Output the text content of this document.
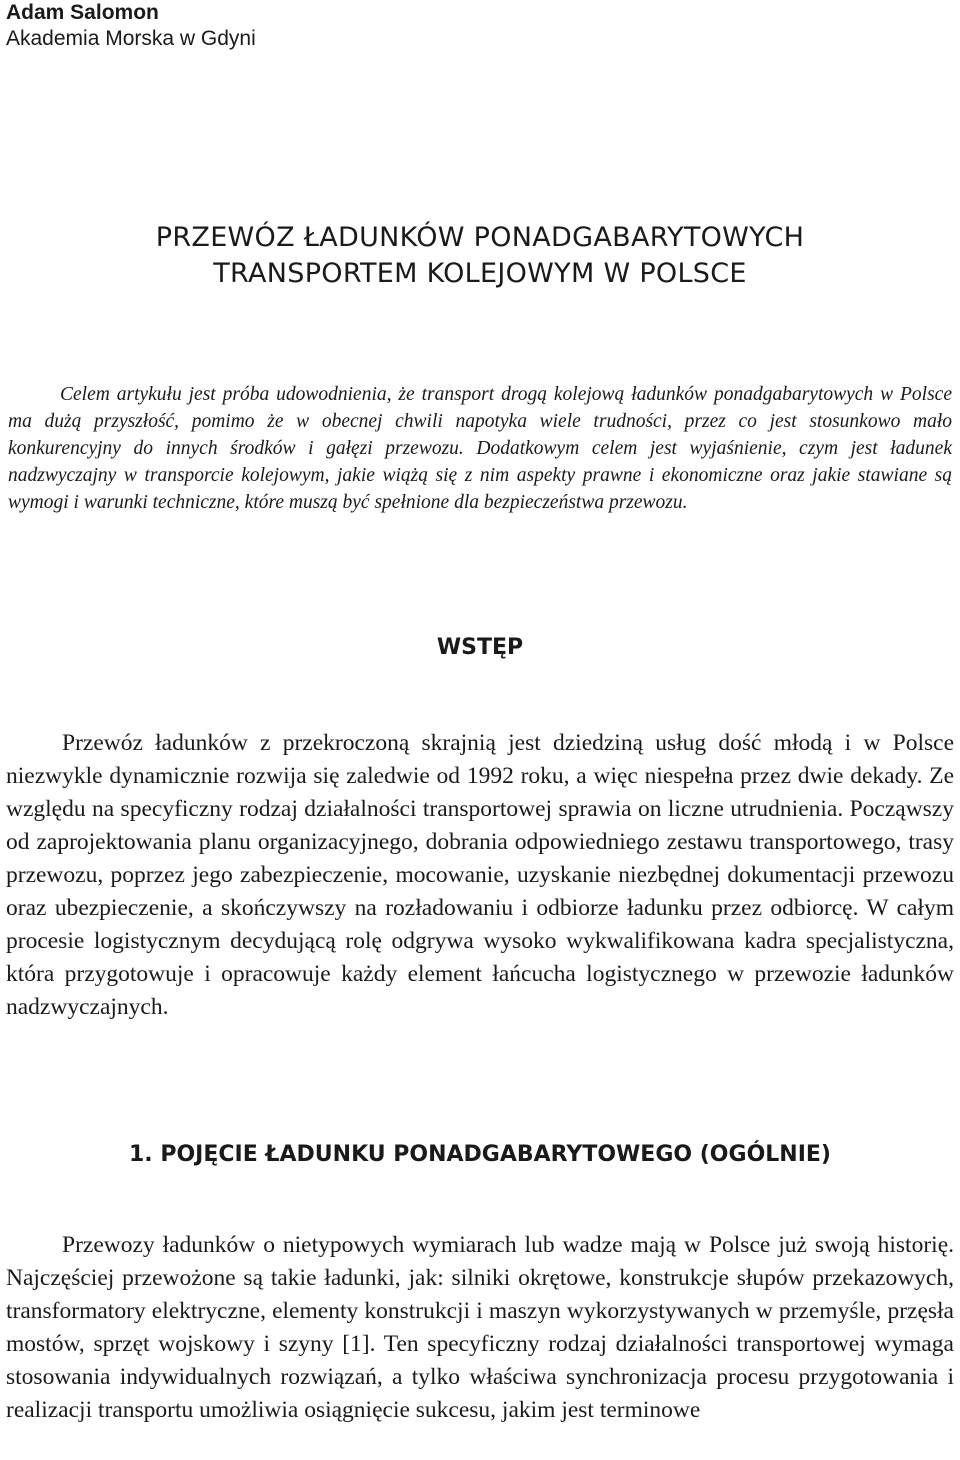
Adam Salomon
Akademia Morska w Gdyni
PRZEWÓZ ŁADUNKÓW PONADGABARYTOWYCH
TRANSPORTEM KOLEJOWYM W POLSCE

Celem artykułu jest próba udowodnienia, że transport drogą kolejową ładunków ponadgabarytowych w Polsce ma dużą przyszłość, pomimo że w obecnej chwili napotyka wiele trudności, przez co jest stosunkowo mało konkurencyjny do innych środków i gałęzi przewozu. Dodatkowym celem jest wyjaśnienie, czym jest ładunek nadzwyczajny w transporcie kolejowym, jakie wiążą się z nim aspekty prawne i ekonomiczne oraz jakie stawiane są wymogi i warunki techniczne, które muszą być spełnione dla bezpieczeństwa przewozu.

WSTĘP

Przewóz ładunków z przekroczoną skrajnią jest dziedziną usług dość młodą i w Polsce niezwykle dynamicznie rozwija się zaledwie od 1992 roku, a więc niespełna przez dwie dekady. Ze względu na specyficzny rodzaj działalności transportowej sprawia on liczne utrudnienia. Począwszy od zaprojektowania planu organizacyjnego, dobrania odpowiedniego zestawu transportowego, trasy przewozu, poprzez jego zabezpieczenie, mocowanie, uzyskanie niezbędnej dokumentacji przewozu oraz ubezpieczenie, a skończywszy na rozładowaniu i odbiorze ładunku przez odbiorcę. W całym procesie logistycznym decydującą rolę odgrywa wysoko wykwalifikowana kadra specjalistyczna, która przygotowuje i opracowuje każdy element łańcucha logistycznego w przewozie ładunków nadzwyczajnych.

1. POJĘCIE ŁADUNKU PONADGABARYTOWEGO (OGÓLNIE)

Przewozy ładunków o nietypowych wymiarach lub wadze mają w Polsce już swoją historię. Najczęściej przewożone są takie ładunki, jak: silniki okrętowe, konstrukcje słupów przekazowych, transformatory elektryczne, elementy konstrukcji i maszyn wykorzystywanych w przemyśle, przęsła mostów, sprzęt wojskowy i szyny [1]. Ten specyficzny rodzaj działalności transportowej wymaga stosowania indywidualnych rozwiązań, a tylko właściwa synchronizacja procesu przygotowania i realizacji transportu umożliwia osiągnięcie sukcesu, jakim jest terminowe
